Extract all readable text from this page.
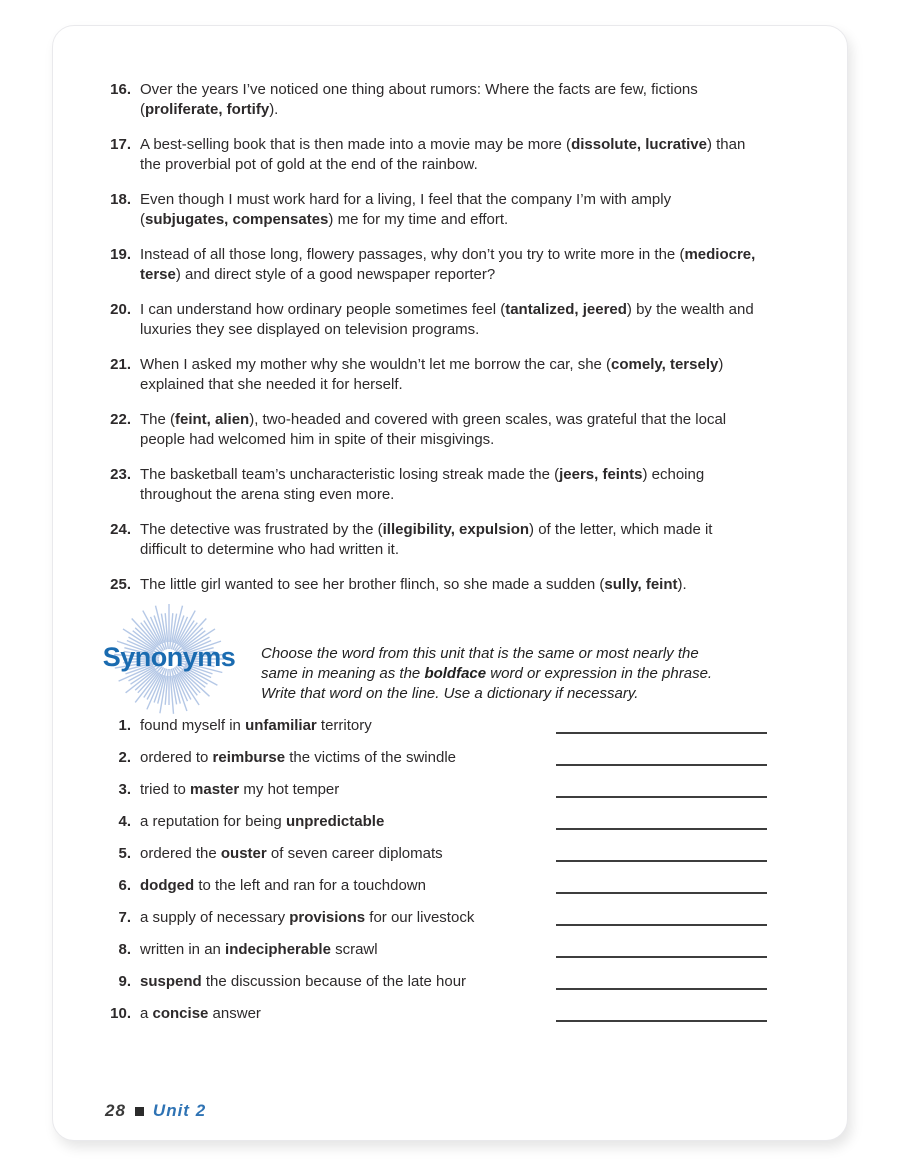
16. Over the years I’ve noticed one thing about rumors: Where the facts are few, fictions (proliferate, fortify).

17. A best-selling book that is then made into a movie may be more (dissolute, lucrative) than the proverbial pot of gold at the end of the rainbow.

18. Even though I must work hard for a living, I feel that the company I’m with amply (subjugates, compensates) me for my time and effort.

19. Instead of all those long, flowery passages, why don’t you try to write more in the (mediocre, terse) and direct style of a good newspaper reporter?

20. I can understand how ordinary people sometimes feel (tantalized, jeered) by the wealth and luxuries they see displayed on television programs.

21. When I asked my mother why she wouldn’t let me borrow the car, she (comely, tersely) explained that she needed it for herself.

22. The (feint, alien), two-headed and covered with green scales, was grateful that the local people had welcomed him in spite of their misgivings.

23. The basketball team’s uncharacteristic losing streak made the (jeers, feints) echoing throughout the arena sting even more.

24. The detective was frustrated by the (illegibility, expulsion) of the letter, which made it difficult to determine who had written it.

25. The little girl wanted to see her brother flinch, so she made a sudden (sully, feint).

Synonyms	Choose the word from this unit that is the same or most nearly the same in meaning as the boldface word or expression in the phrase. Write that word on the line. Use a dictionary if necessary.

1. found myself in unfamiliar territory

2. ordered to reimburse the victims of the swindle

3. tried to master my hot temper

4. a reputation for being unpredictable

5. ordered the ouster of seven career diplomats

6. dodged to the left and ran for a touchdown

7. a supply of necessary provisions for our livestock

8. written in an indecipherable scrawl

9. suspend the discussion because of the late hour

10. a concise answer

28 Unit 2
